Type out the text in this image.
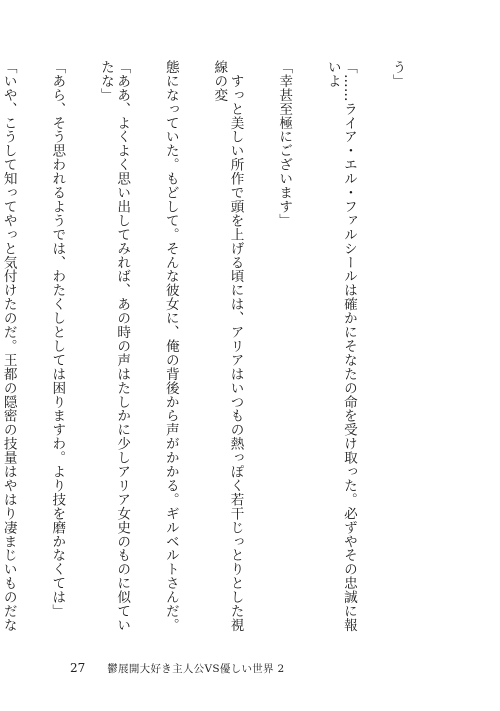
う」

「……ライア・エル・ファルシールは確かにそなたの命を受け取った。必ずやその忠誠に報いよ

「幸甚至極にございます」

　すっと美しい所作で頭を上げる頃には、アリアはいつもの熱っぽく若干じっとりとした視線の変

態になっていた。もどして。そんな彼女に、俺の背後から声がかかる。ギルベルトさんだ。

「ああ、よくよく思い出してみれば、あの時の声はたしかに少しアリア女史のものに似ていたな」

「あら、そう思われるようでは、わたくしとしては困りますわ。より技を磨かなくては」

「いや、こうして知ってやっと気付けたのだ。王都の隠密の技量はやはり凄まじいものだな

27 鬱展開大好き主人公VS優しい世界 2
